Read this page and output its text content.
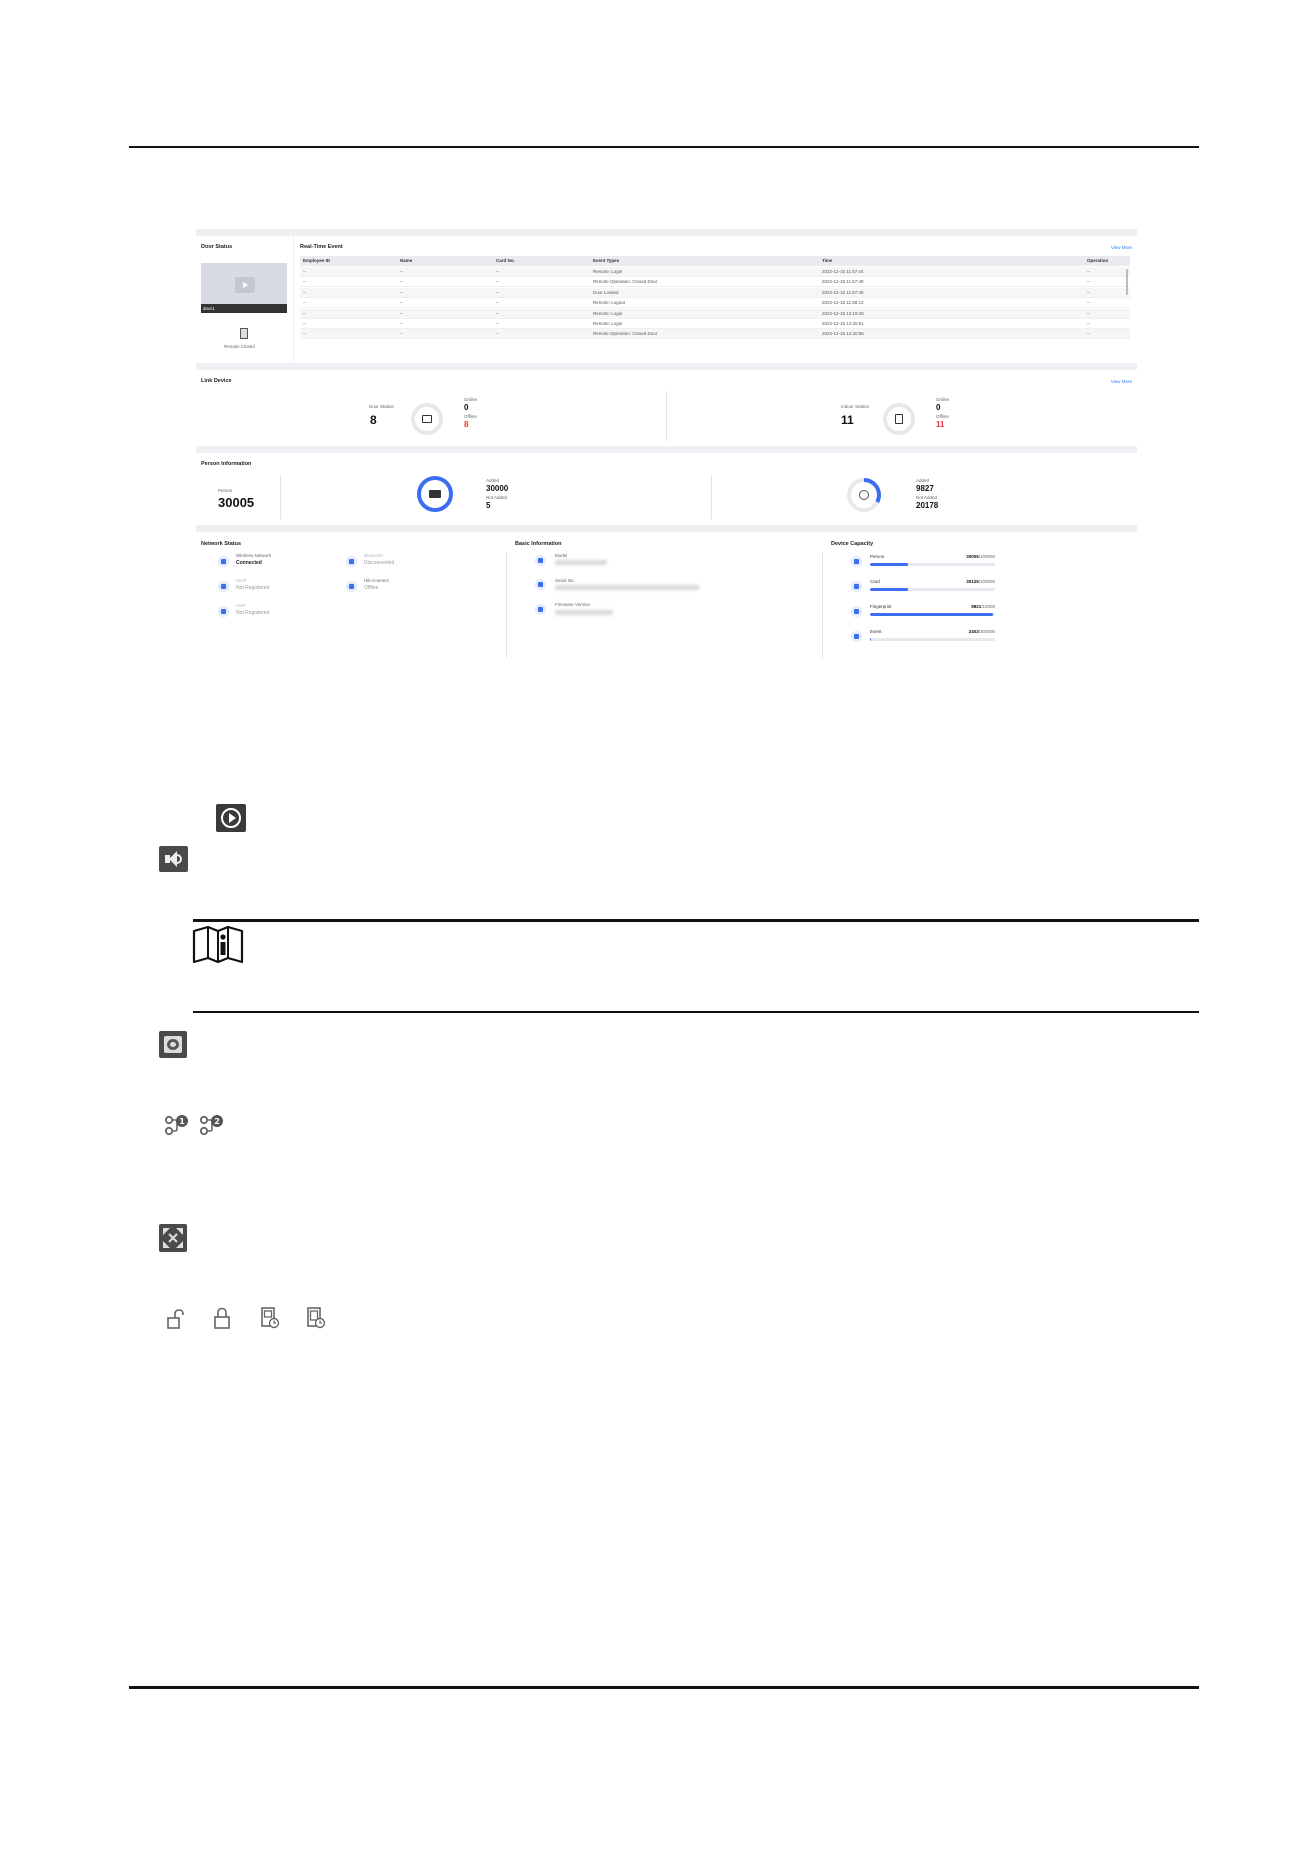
Door Status
door1
Remain Closed
Real-Time Event	View More
Employee ID	Name	Card No.	Event Types	Time	Operation
--	--	--	Remote: Login	2022-12-15 11:57:44	--
--	--	--	Remote Operation: Closed Door	2022-12-15 11:57:49	--
--	--	--	Door Locked	2022-12-15 11:57:49	--
--	--	--	Remote: Logout	2022-12-15 11:58:13	--
--	--	--	Remote: Login	2022-12-15 12:19:15	--
--	--	--	Remote: Login	2022-12-15 12:20:51	--
--	--	--	Remote Operation: Closed Door	2022-12-15 12:20:56	--
Link Device	View More
Door Station
8
Online
0
Offline
8
Indoor Station
11
Online
0
Offline
11
Person Information
Person
30005
Added
30000
Not Added
5
Added
9827
Not Added
20178
Network Status
Wireless Network
Connected
Bluetooth
Disconnected
ISUP
Not Registered
Hik-Connect
Offline
VoIP
Not Registered
Basic Information
Model
Serial No.
Firmware Version
Device Capacity
Person	30005/100000
Card	30125/100000
Fingerprint	9821/10000
Event	2403/300000
1	2
